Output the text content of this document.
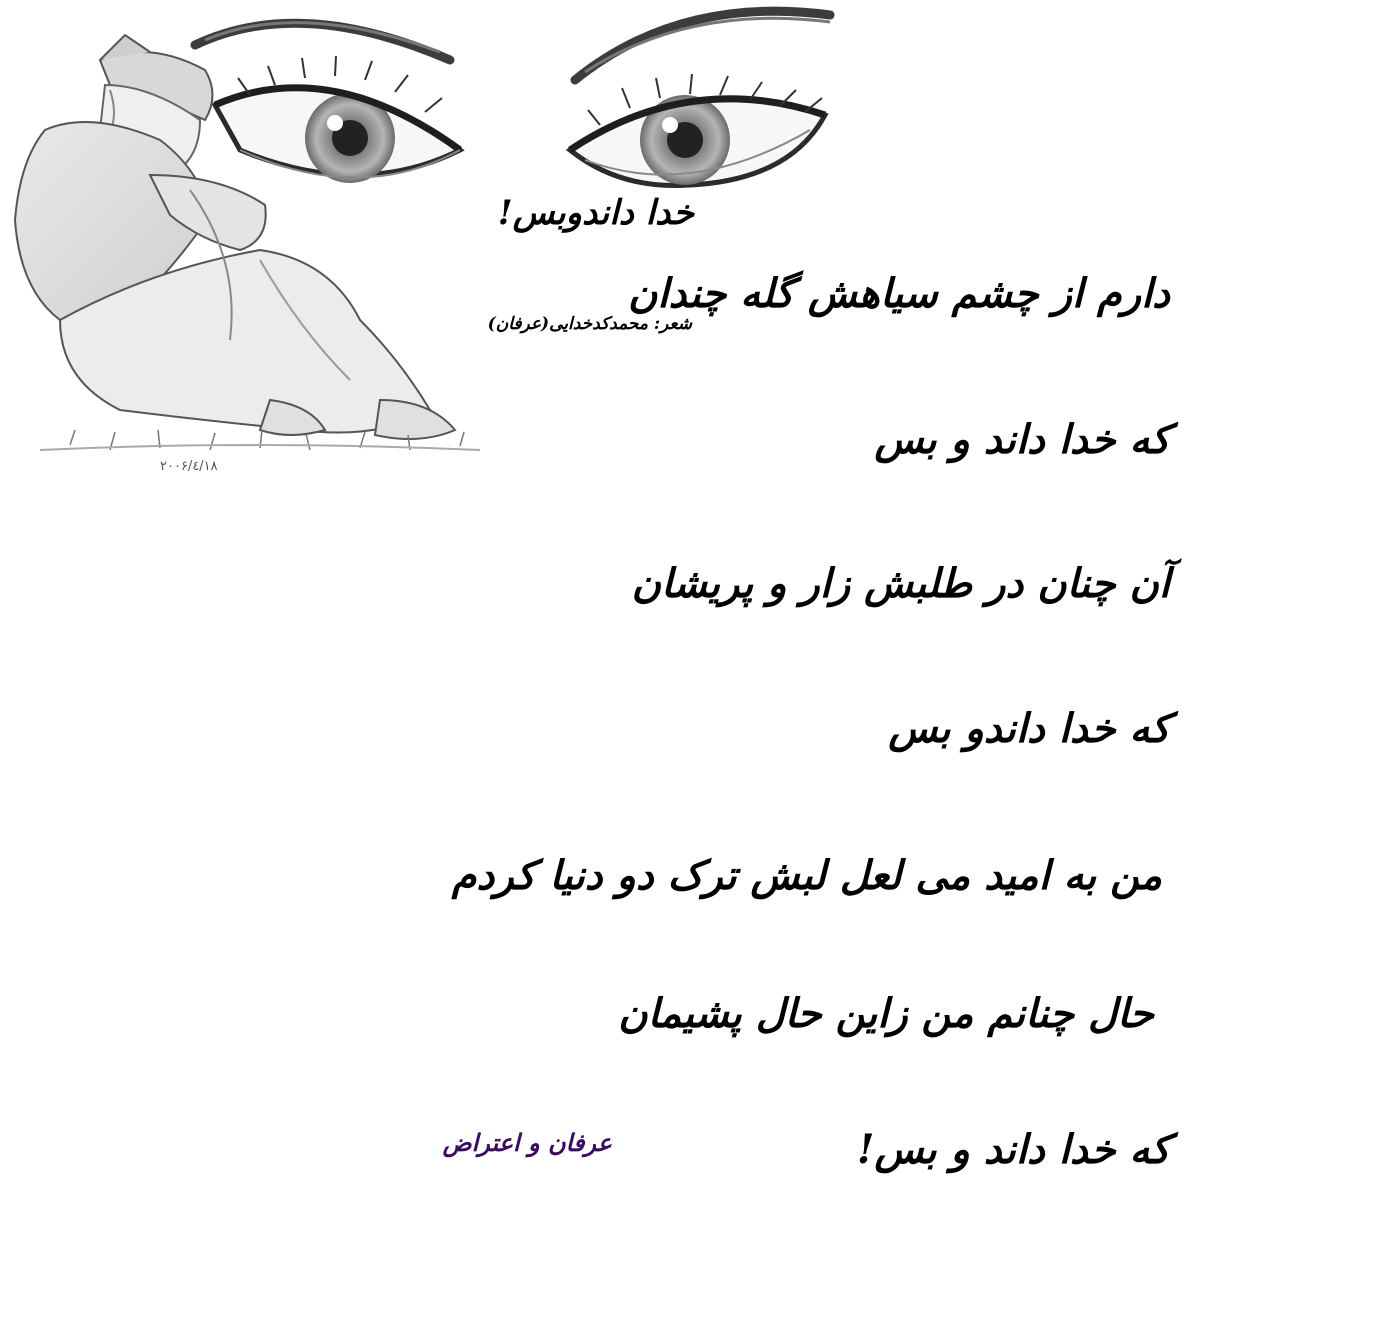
۲۰۰۶/٤/۱۸
خدا داندوبس!
شعر: محمدکدخدایی(عرفان)
دارم از چشم سیاهش گله چندان
که خدا داند و بس
آن چنان در طلبش زار و پریشان
که خدا داندو بس
من به امید می لعل لبش ترک دو دنیا کردم
حال چنانم من زاین حال پشیمان
که خدا داند و بس!
عرفان و اعتراض
